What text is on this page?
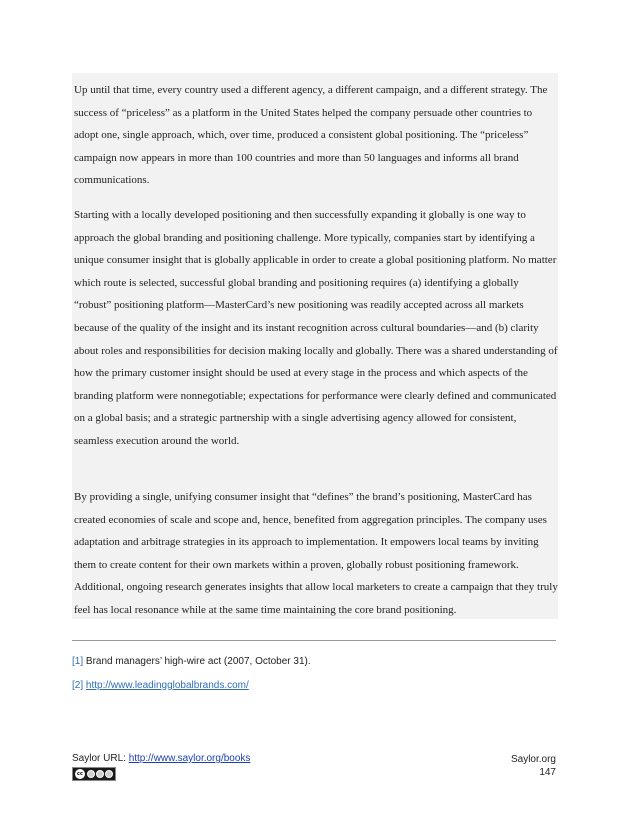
Up until that time, every country used a different agency, a different campaign, and a different strategy. The success of “priceless” as a platform in the United States helped the company persuade other countries to adopt one, single approach, which, over time, produced a consistent global positioning. The “priceless” campaign now appears in more than 100 countries and more than 50 languages and informs all brand communications.

Starting with a locally developed positioning and then successfully expanding it globally is one way to approach the global branding and positioning challenge. More typically, companies start by identifying a unique consumer insight that is globally applicable in order to create a global positioning platform. No matter which route is selected, successful global branding and positioning requires (a) identifying a globally “robust” positioning platform—MasterCard’s new positioning was readily accepted across all markets because of the quality of the insight and its instant recognition across cultural boundaries—and (b) clarity about roles and responsibilities for decision making locally and globally. There was a shared understanding of how the primary customer insight should be used at every stage in the process and which aspects of the branding platform were nonnegotiable; expectations for performance were clearly defined and communicated on a global basis; and a strategic partnership with a single advertising agency allowed for consistent, seamless execution around the world.

By providing a single, unifying consumer insight that “defines” the brand’s positioning, MasterCard has created economies of scale and scope and, hence, benefited from aggregation principles. The company uses adaptation and arbitrage strategies in its approach to implementation. It empowers local teams by inviting them to create content for their own markets within a proven, globally robust positioning framework. Additional, ongoing research generates insights that allow local marketers to create a campaign that they truly feel has local resonance while at the same time maintaining the core brand positioning.

[1] Brand managers’ high-wire act (2007, October 31).
[2] http://www.leadingglobalbrands.com/
Saylor URL: http://www.saylor.org/books
cc
Saylor.org
147
